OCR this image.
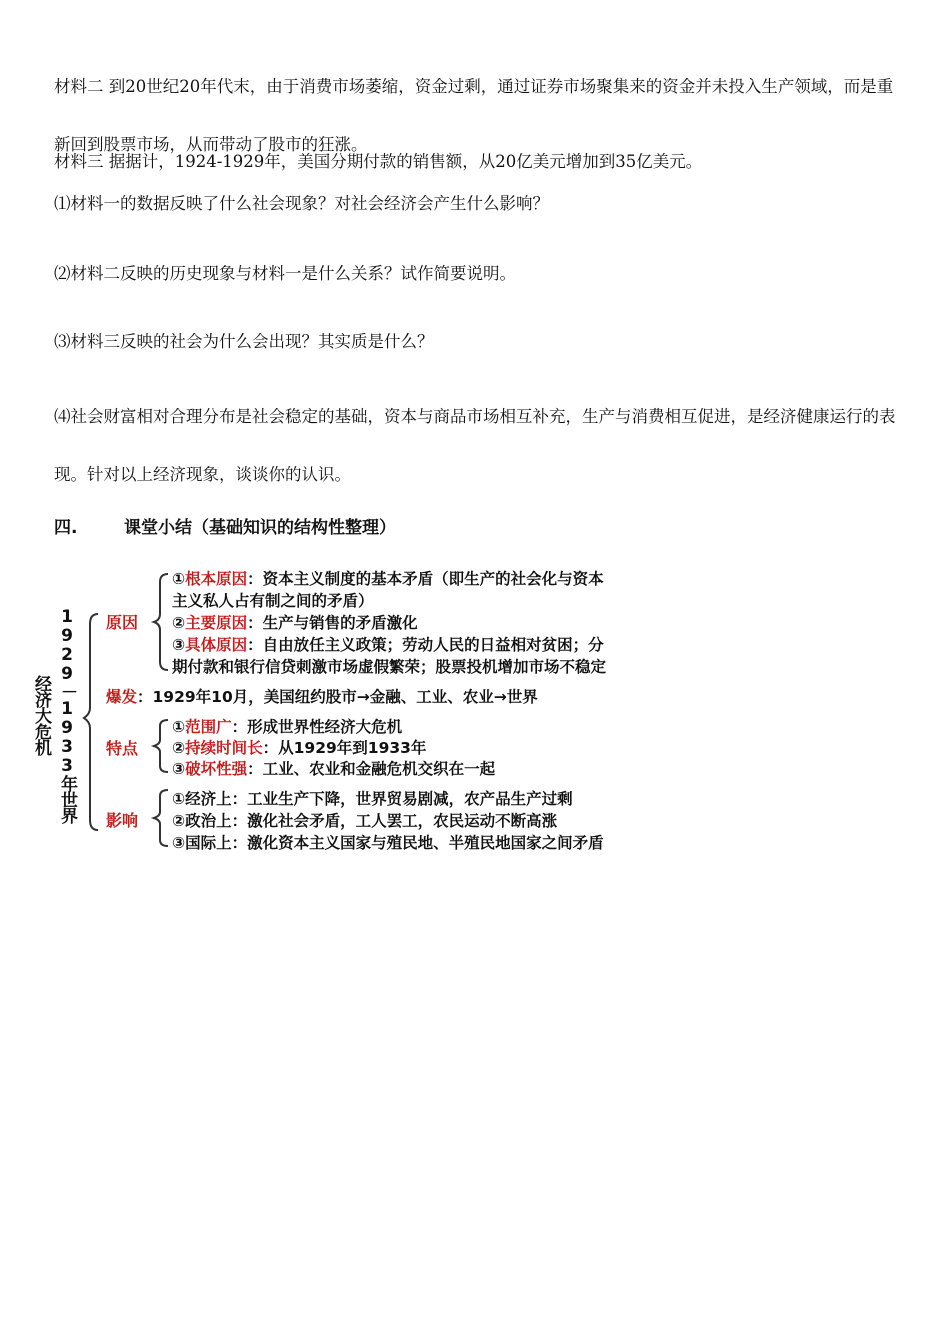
材料二 到20世纪20年代末，由于消费市场萎缩，资金过剩，通过证券市场聚集来的资金并未投入生产领域，而是重新回到股票市场，从而带动了股市的狂涨。

材料三 据据计，1924-1929年，美国分期付款的销售额，从20亿美元增加到35亿美元。

⑴材料一的数据反映了什么社会现象？对社会经济会产生什么影响？

⑵材料二反映的历史现象与材料一是什么关系？试作简要说明。

⑶材料三反映的社会为什么会出现？其实质是什么？

⑷社会财富相对合理分布是社会稳定的基础，资本与商品市场相互补充，生产与消费相互促进，是经济健康运行的表现。针对以上经济现象，谈谈你的认识。

四.	课堂小结（基础知识的结构性整理）
1929－1933年世界经济大危机
原因
①根本原因：资本主义制度的基本矛盾（即生产的社会化与资本
主义私人占有制之间的矛盾）
②主要原因：生产与销售的矛盾激化
③具体原因：自由放任主义政策；劳动人民的日益相对贫困；分
期付款和银行信贷刺激市场虚假繁荣；股票投机增加市场不稳定
爆发：1929年10月，美国纽约股市→金融、工业、农业→世界
特点
①范围广：形成世界性经济大危机
②持续时间长：从1929年到1933年
③破坏性强：工业、农业和金融危机交织在一起
影响
①经济上：工业生产下降，世界贸易剧减，农产品生产过剩
②政治上：激化社会矛盾，工人罢工，农民运动不断高涨
③国际上：激化资本主义国家与殖民地、半殖民地国家之间矛盾
